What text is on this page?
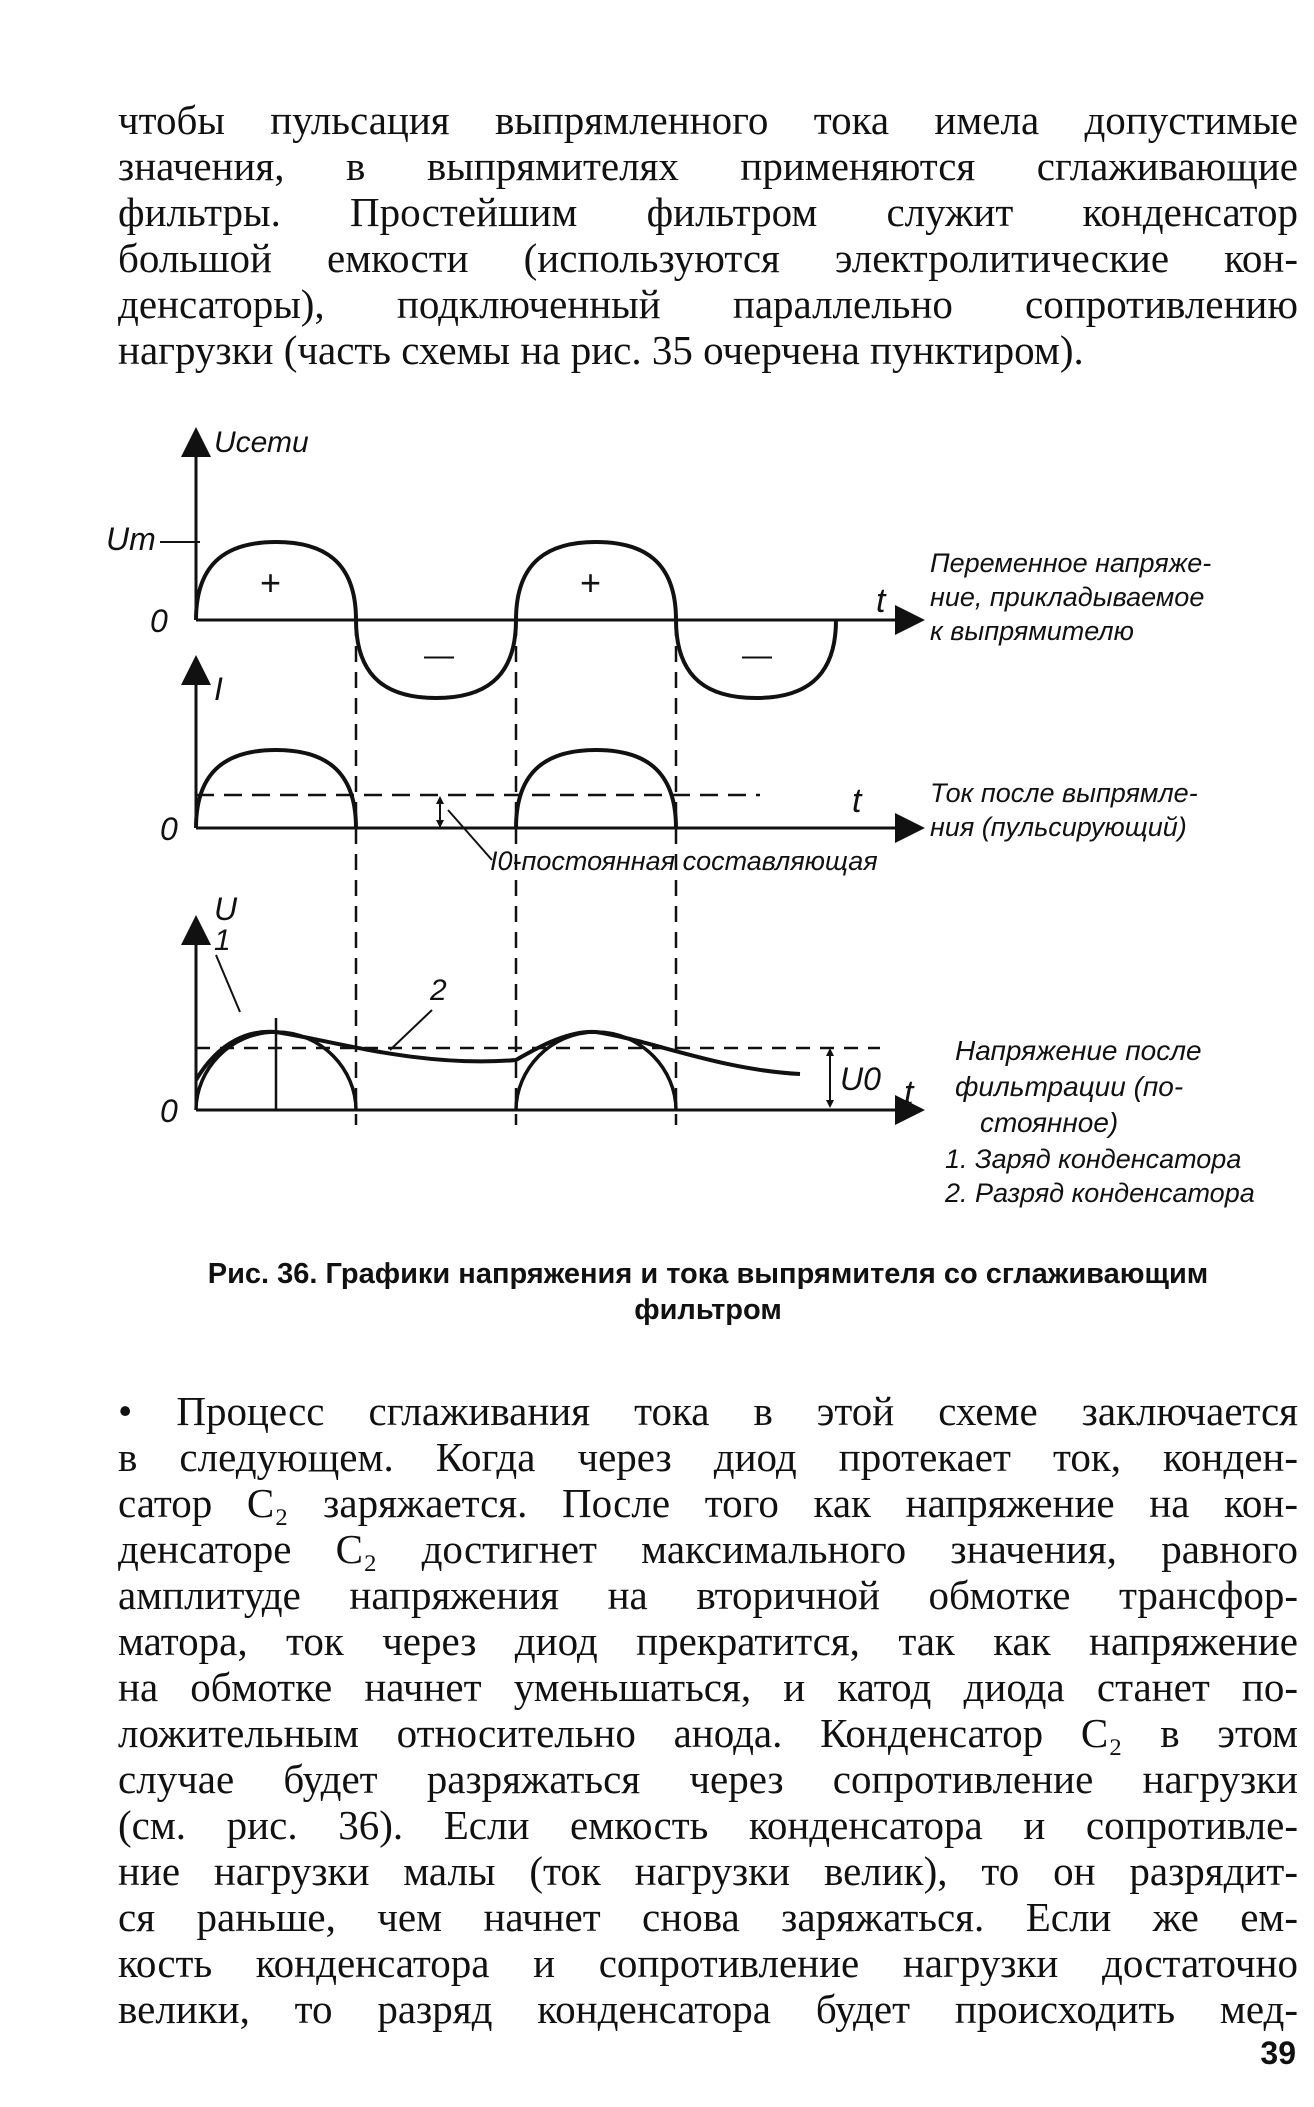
чтобы пульсация выпрямленного тока имела допустимые
значения, в выпрямителях применяются сглаживающие
фильтры. Простейшим фильтром служит конденсатор
большой емкости (используются электролитические кон-
денсаторы), подключенный параллельно сопротивлению
нагрузки (часть схемы на рис. 35 очерчена пунктиром).
Uсети
Um
0
t
+	+
—	—
Переменное напряже-
ние, прикладываемое
к выпрямителю
I
0
t	Ток после выпрямле-
ния (пульсирующий)
I0-постоянная составляющая
U
1
2
0
U0 t
Напряжение после
фильтрации (по-
стоянное)
1. Заряд конденсатора
2. Разряд конденсатора
Рис. 36. Графики напряжения и тока выпрямителя со сглаживающим
фильтром
• Процесс сглаживания тока в этой схеме заключается
в следующем. Когда через диод протекает ток, конден-
сатор C₂ заряжается. После того как напряжение на кон-
денсаторе C₂ достигнет максимального значения, равного
амплитуде напряжения на вторичной обмотке трансфор-
матора, ток через диод прекратится, так как напряжение
на обмотке начнет уменьшаться, и катод диода станет по-
ложительным относительно анода. Конденсатор C₂ в этом
случае будет разряжаться через сопротивление нагрузки
(см. рис. 36). Если емкость конденсатора и сопротивле-
ние нагрузки малы (ток нагрузки велик), то он разрядит-
ся раньше, чем начнет снова заряжаться. Если же ем-
кость конденсатора и сопротивление нагрузки достаточно
велики, то разряд конденсатора будет происходить мед-
39
